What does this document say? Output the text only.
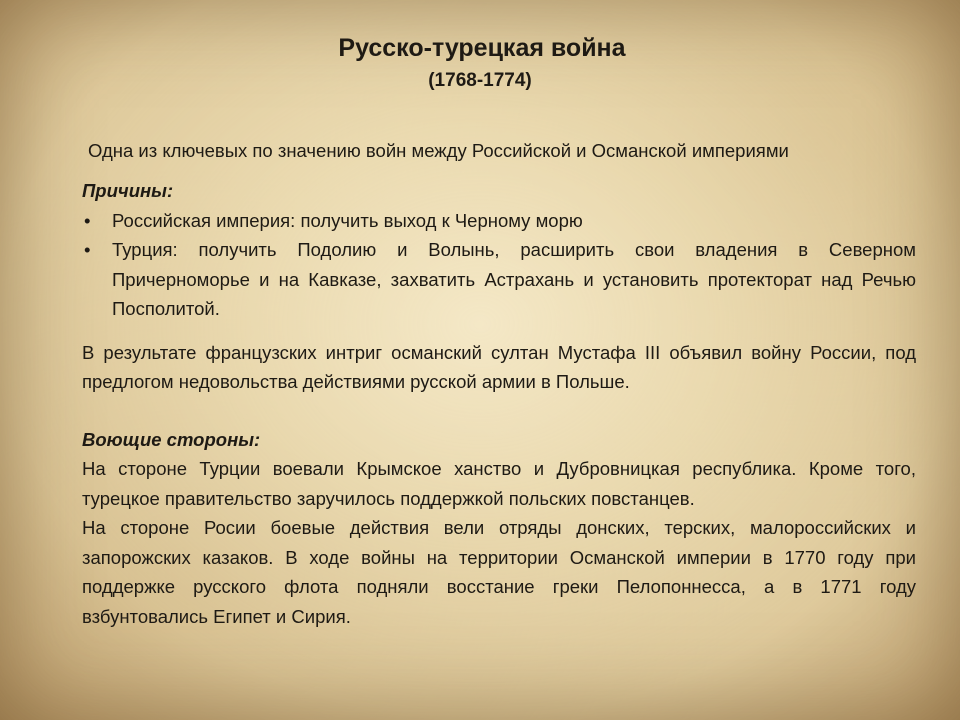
Русско-турецкая война
(1768-1774)
Одна из ключевых по значению войн между Российской и Османской империями

Причины:

• Российская империя: получить выход к Черному морю
• Турция: получить Подолию и Волынь, расширить свои владения в Северном Причерноморье и на Кавказе, захватить Астрахань и установить протекторат над Речью Посполитой.

В результате французских интриг османский султан Мустафа III объявил войну России, под предлогом недовольства действиями русской армии в Польше.

Воющие стороны:

На стороне Турции воевали Крымское ханство и Дубровницкая республика. Кроме того, турецкое правительство заручилось поддержкой польских повстанцев.

На стороне Росии боевые действия вели отряды донских, терских, малороссийских и запорожских казаков. В ходе войны на территории Османской империи в 1770 году при поддержке русского флота подняли восстание греки Пелопоннесса, а в 1771 году взбунтовались Египет и Сирия.
